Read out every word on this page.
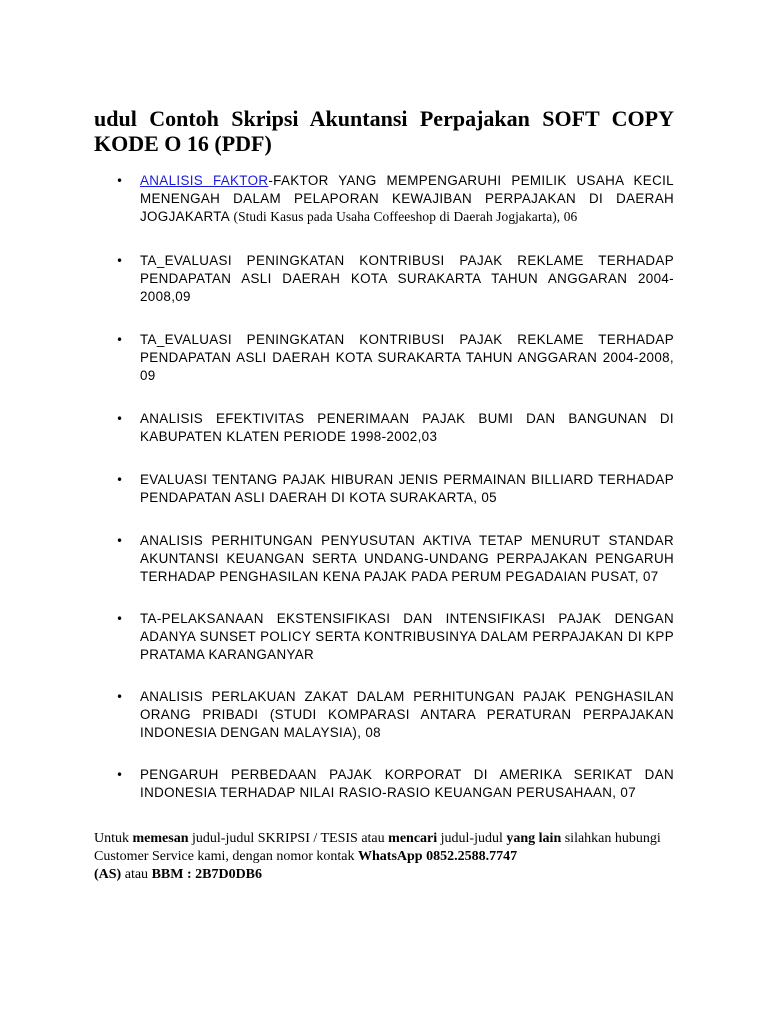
udul Contoh Skripsi Akuntansi Perpajakan SOFT COPY KODE O 16 (PDF)
• ANALISIS FAKTOR-FAKTOR YANG MEMPENGARUHI PEMILIK USAHA KECIL MENENGAH DALAM PELAPORAN KEWAJIBAN PERPAJAKAN DI DAERAH JOGJAKARTA (Studi Kasus pada Usaha Coffeeshop di Daerah Jogjakarta), 06
• TA_EVALUASI PENINGKATAN KONTRIBUSI PAJAK REKLAME TERHADAP PENDAPATAN ASLI DAERAH KOTA SURAKARTA TAHUN ANGGARAN 2004-2008,09
• TA_EVALUASI PENINGKATAN KONTRIBUSI PAJAK REKLAME TERHADAP PENDAPATAN ASLI DAERAH KOTA SURAKARTA TAHUN ANGGARAN 2004-2008, 09
• ANALISIS EFEKTIVITAS PENERIMAAN PAJAK BUMI DAN BANGUNAN DI KABUPATEN KLATEN PERIODE 1998-2002,03
• EVALUASI TENTANG PAJAK HIBURAN JENIS PERMAINAN BILLIARD TERHADAP PENDAPATAN ASLI DAERAH DI KOTA SURAKARTA, 05
• ANALISIS PERHITUNGAN PENYUSUTAN AKTIVA TETAP MENURUT STANDAR AKUNTANSI KEUANGAN SERTA UNDANG-UNDANG PERPAJAKAN PENGARUH TERHADAP PENGHASILAN KENA PAJAK PADA PERUM PEGADAIAN PUSAT, 07
• TA-PELAKSANAAN EKSTENSIFIKASI DAN INTENSIFIKASI PAJAK DENGAN ADANYA SUNSET POLICY SERTA KONTRIBUSINYA DALAM PERPAJAKAN DI KPP PRATAMA KARANGANYAR
• ANALISIS PERLAKUAN ZAKAT DALAM PERHITUNGAN PAJAK PENGHASILAN ORANG PRIBADI (STUDI KOMPARASI ANTARA PERATURAN PERPAJAKAN INDONESIA DENGAN MALAYSIA), 08
• PENGARUH PERBEDAAN PAJAK KORPORAT DI AMERIKA SERIKAT DAN INDONESIA TERHADAP NILAI RASIO-RASIO KEUANGAN PERUSAHAAN, 07
Untuk memesan judul-judul SKRIPSI / TESIS atau mencari judul-judul yang lain silahkan hubungi Customer Service kami, dengan nomor kontak WhatsApp 0852.2588.7747
(AS) atau BBM : 2B7D0DB6
